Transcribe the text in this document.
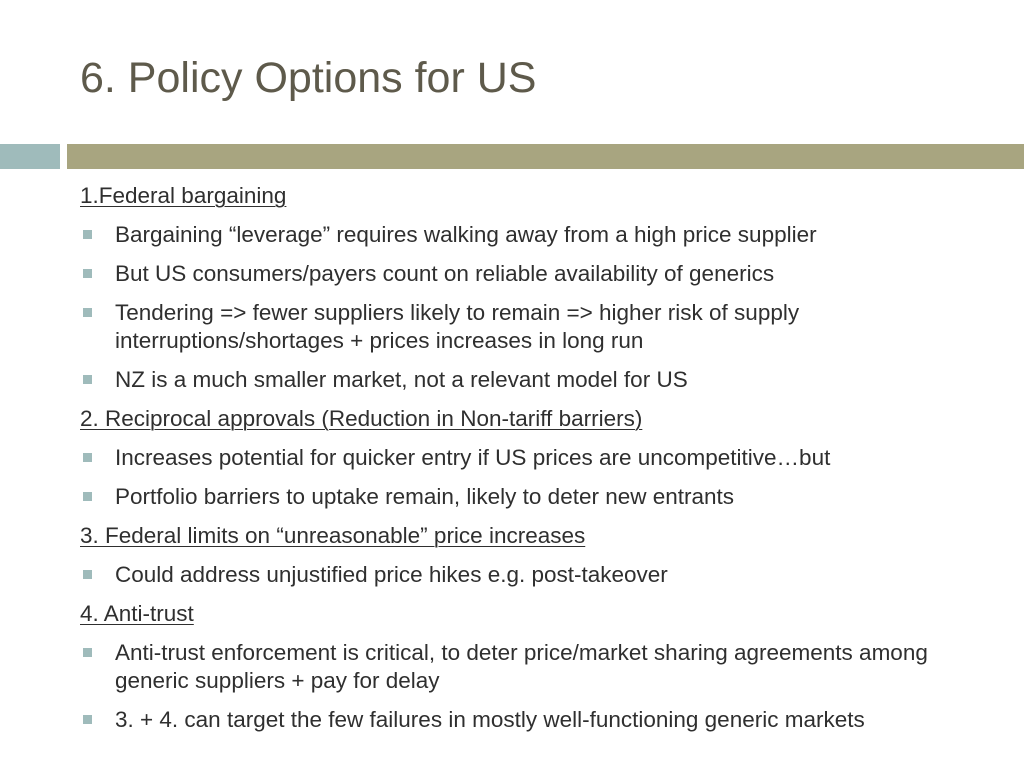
6. Policy Options for US
1.Federal bargaining
Bargaining “leverage” requires walking away from a high price supplier
But US consumers/payers count on reliable availability of generics
Tendering => fewer suppliers likely to remain => higher risk of supply interruptions/shortages + prices increases in long run
NZ is a much smaller market, not a relevant model for US
2. Reciprocal approvals (Reduction in Non-tariff barriers)
Increases potential for quicker entry if US prices are uncompetitive…but
Portfolio barriers to uptake remain, likely to deter new entrants
3. Federal limits on “unreasonable” price increases
Could address unjustified price hikes e.g. post-takeover
4. Anti-trust
Anti-trust enforcement is critical, to deter price/market sharing agreements among generic suppliers + pay for delay
3. + 4. can target the few failures in mostly well-functioning generic markets
